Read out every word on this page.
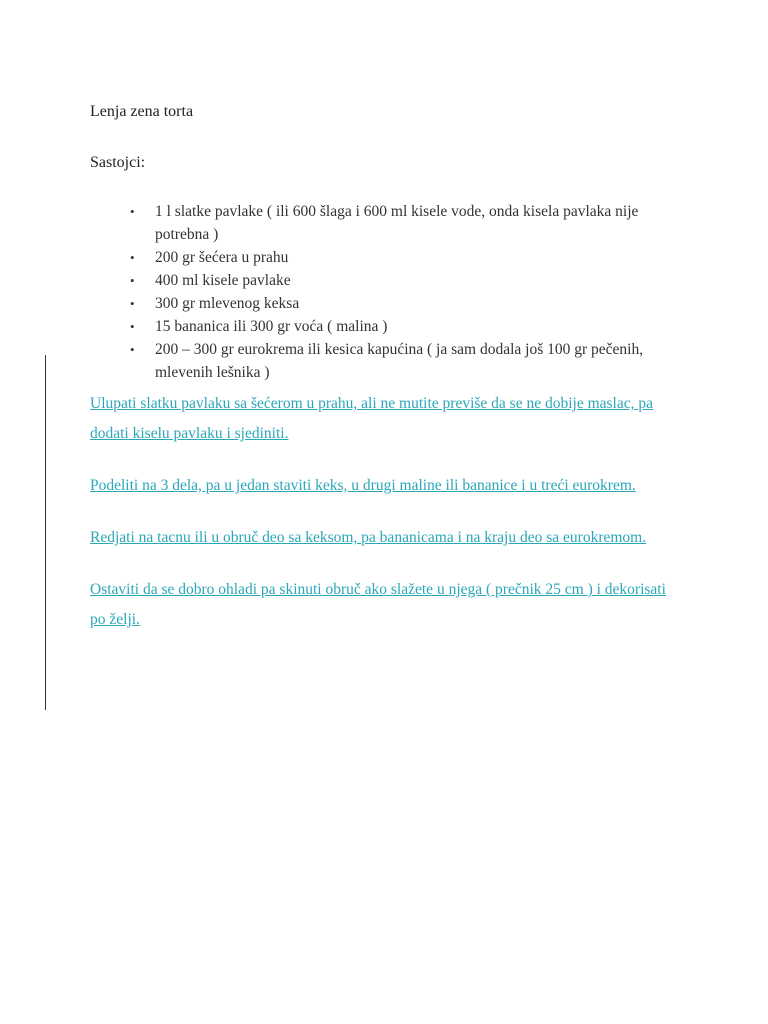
Lenja zena torta
Sastojci:
• 1 l slatke pavlake ( ili 600 šlaga i 600 ml kisele vode, onda kisela pavlaka nije potrebna )
• 200 gr šećera u prahu
• 400 ml kisele pavlake
• 300 gr mlevenog keksa
• 15 bananica ili 300 gr voća ( malina )
• 200 – 300 gr eurokrema ili kesica kapućina ( ja sam dodala još 100 gr pečenih, mlevenih lešnika )

Ulupati slatku pavlaku sa šećerom u prahu, ali ne mutite previše da se ne dobije maslac, pa dodati kiselu pavlaku i sjediniti.

Podeliti na 3 dela, pa u jedan staviti keks, u drugi maline ili bananice i u treći eurokrem.

Redjati na tacnu ili u obruč deo sa keksom, pa bananicama i na kraju deo sa eurokremom.

Ostaviti da se dobro ohladi pa skinuti obruč ako slažete u njega ( prečnik 25 cm ) i dekorisati po želji.
